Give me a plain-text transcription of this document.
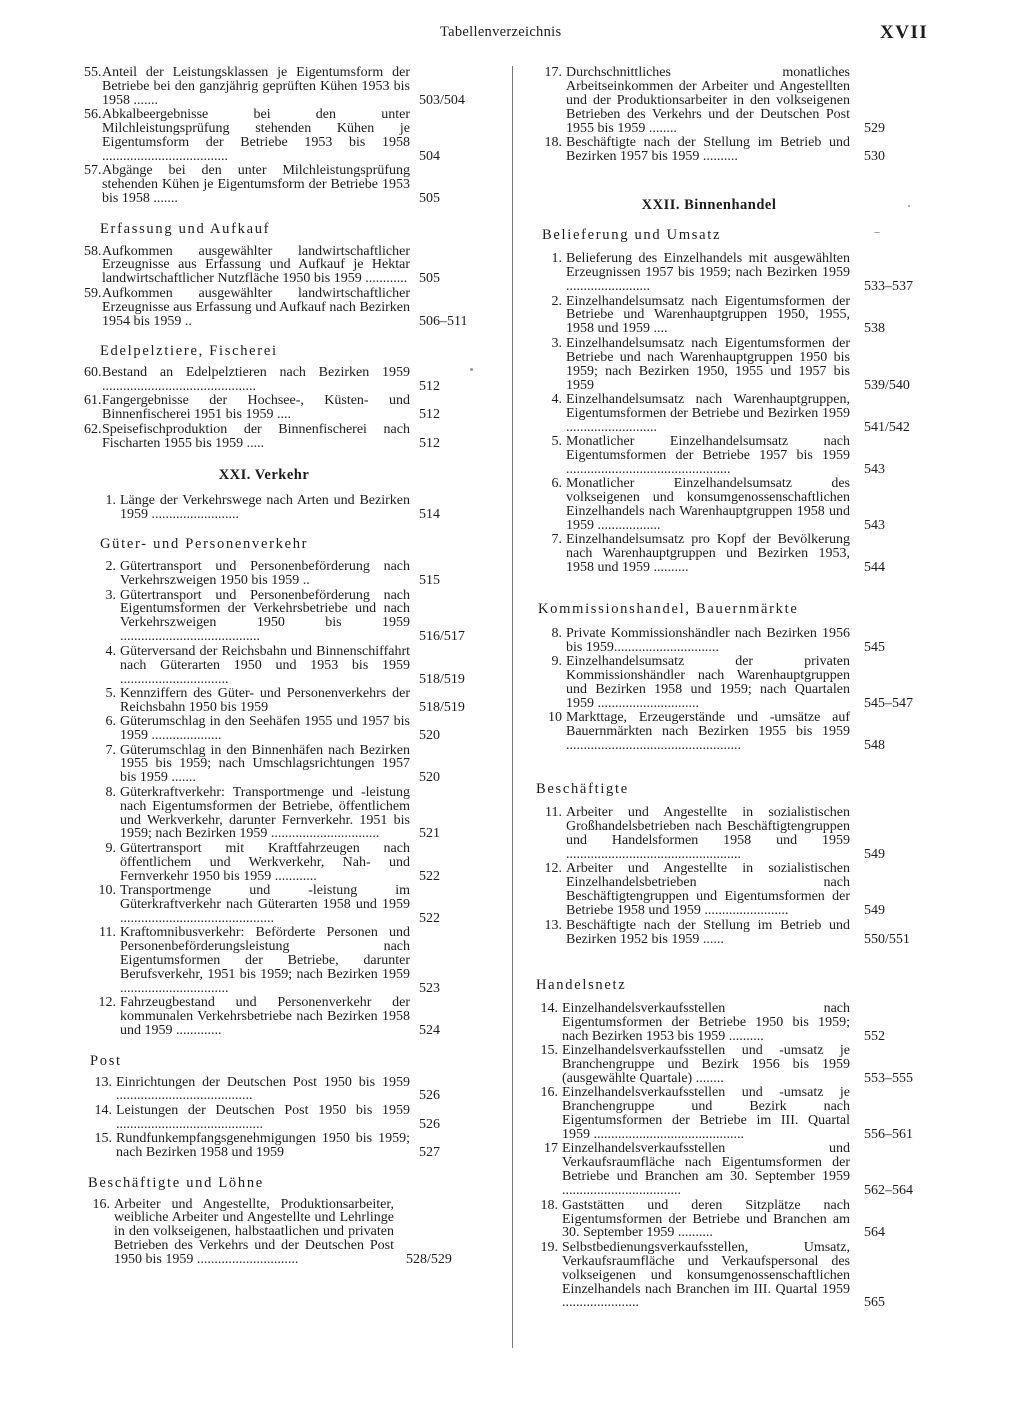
Tabellenverzeichnis	XVII
55. Anteil der Leistungsklassen je Eigentumsform der Betriebe bei den ganzjährig geprüften Kühen 1953 bis 1958 .......	503/504
56. Abkalbeergebnisse bei den unter Milchleistungsprüfung stehenden Kühen je Eigentumsform der Betriebe 1953 bis 1958 ....................................	504
57. Abgänge bei den unter Milchleistungsprüfung stehenden Kühen je Eigentumsform der Betriebe 1953 bis 1958 .......	505
Erfassung und Aufkauf
58. Aufkommen ausgewählter landwirtschaftlicher Erzeugnisse aus Erfassung und Aufkauf je Hektar landwirtschaftlicher Nutzfläche 1950 bis 1959 ............ 505
59. Aufkommen ausgewählter landwirtschaftlicher Erzeugnisse aus Erfassung und Aufkauf nach Bezirken 1954 bis 1959 ..	506–511
Edelpelztiere, Fischerei
60. Bestand an Edelpelztieren nach Bezirken 1959 ............................................	512
61. Fangergebnisse der Hochsee-, Küsten- und Binnenfischerei 1951 bis 1959 ....	512
62. Speisefischproduktion der Binnenfischerei nach Fischarten 1955 bis 1959 .....	512
XXI. Verkehr
1. Länge der Verkehrswege nach Arten und Bezirken 1959 .........................	514
Güter- und Personenverkehr
2. Gütertransport und Personenbeförderung nach Verkehrszweigen 1950 bis 1959 ..	515
3. Gütertransport und Personenbeförderung nach Eigentumsformen der Verkehrsbetriebe und nach Verkehrszweigen 1950 bis 1959 ........................................	516/517
4. Güterversand der Reichsbahn und Binnenschiffahrt nach Güterarten 1950 und 1953 bis 1959 ...............................	518/519
5. Kennziffern des Güter- und Personenverkehrs der Reichsbahn 1950 bis 1959	518/519
6. Güterumschlag in den Seehäfen 1955 und 1957 bis 1959 ....................	520
7. Güterumschlag in den Binnenhäfen nach Bezirken 1955 bis 1959; nach Umschlagsrichtungen 1957 bis 1959 .......	520
8. Güterkraftverkehr: Transportmenge und -leistung nach Eigentumsformen der Betriebe, öffentlichem und Werkverkehr, darunter Fernverkehr. 1951 bis 1959; nach Bezirken 1959 ...............................	521
9. Gütertransport mit Kraftfahrzeugen nach öffentlichem und Werkverkehr, Nah- und Fernverkehr 1950 bis 1959 ............	522
10. Transportmenge und -leistung im Güterkraftverkehr nach Güterarten 1958 und 1959 ............................................	522
11. Kraftomnibusverkehr: Beförderte Personen und Personenbeförderungsleistung nach Eigentumsformen der Betriebe, darunter Berufsverkehr, 1951 bis 1959; nach Bezirken 1959 ...............................	523
12. Fahrzeugbestand und Personenverkehr der kommunalen Verkehrsbetriebe nach Bezirken 1958 und 1959 .............	524
Post
13. Einrichtungen der Deutschen Post 1950 bis 1959 .......................................	526
14. Leistungen der Deutschen Post 1950 bis 1959 ..........................................	526
15. Rundfunkempfangsgenehmigungen 1950 bis 1959; nach Bezirken 1958 und 1959	527
Beschäftigte und Löhne
16. Arbeiter und Angestellte, Produktionsarbeiter, weibliche Arbeiter und Angestellte und Lehrlinge in den volkseigenen, halbstaatlichen und privaten Betrieben des Verkehrs und der Deutschen Post 1950 bis 1959 .............................	528/529
17. Durchschnittliches monatliches Arbeitseinkommen der Arbeiter und Angestellten und der Produktionsarbeiter in den volkseigenen Betrieben des Verkehrs und der Deutschen Post 1955 bis 1959 ........	529
18. Beschäftigte nach der Stellung im Betrieb und Bezirken 1957 bis 1959 ..........	530
XXII. Binnenhandel
Belieferung und Umsatz
1. Belieferung des Einzelhandels mit ausgewählten Erzeugnissen 1957 bis 1959; nach Bezirken 1959 ........................	533–537
2. Einzelhandelsumsatz nach Eigentumsformen der Betriebe und Warenhauptgruppen 1950, 1955, 1958 und 1959 ....	538
3. Einzelhandelsumsatz nach Eigentumsformen der Betriebe und nach Warenhauptgruppen 1950 bis 1959; nach Bezirken 1950, 1955 und 1957 bis 1959	539/540
4. Einzelhandelsumsatz nach Warenhauptgruppen, Eigentumsformen der Betriebe und Bezirken 1959 ..........................	541/542
5. Monatlicher Einzelhandelsumsatz nach Eigentumsformen der Betriebe 1957 bis 1959 ...............................................	543
6. Monatlicher Einzelhandelsumsatz des volkseigenen und konsumgenossenschaftlichen Einzelhandels nach Warenhauptgruppen 1958 und 1959 ..................	543
7. Einzelhandelsumsatz pro Kopf der Bevölkerung nach Warenhauptgruppen und Bezirken 1953, 1958 und 1959 ..........	544
Kommissionshandel, Bauernmärkte
8. Private Kommissionshändler nach Bezirken 1956 bis 1959..............................	545
9. Einzelhandelsumsatz der privaten Kommissionshändler nach Warenhauptgruppen und Bezirken 1958 und 1959; nach Quartalen 1959 .............................	545–547
10 Markttage, Erzeugerstände und -umsätze auf Bauernmärkten nach Bezirken 1955 bis 1959 ..................................................	548
Beschäftigte
11. Arbeiter und Angestellte in sozialistischen Großhandelsbetrieben nach Beschäftigtengruppen und Handelsformen 1958 und 1959 ..................................................	549
12. Arbeiter und Angestellte in sozialistischen Einzelhandelsbetrieben nach Beschäftigtengruppen und Eigentumsformen der Betriebe 1958 und 1959 ........................	549
13. Beschäftigte nach der Stellung im Betrieb und Bezirken 1952 bis 1959 ......	550/551
Handelsnetz
14. Einzelhandelsverkaufsstellen nach Eigentumsformen der Betriebe 1950 bis 1959; nach Bezirken 1953 bis 1959 ..........	552
15. Einzelhandelsverkaufsstellen und -umsatz je Branchengruppe und Bezirk 1956 bis 1959 (ausgewählte Quartale) ........	553–555
16. Einzelhandelsverkaufsstellen und -umsatz je Branchengruppe und Bezirk nach Eigentumsformen der Betriebe im III. Quartal 1959 ...........................................	556–561
17 Einzelhandelsverkaufsstellen und Verkaufsraumfläche nach Eigentumsformen der Betriebe und Branchen am 30. September 1959 ..................................	562–564
18. Gaststätten und deren Sitzplätze nach Eigentumsformen der Betriebe und Branchen am 30. September 1959 ..........	564
19. Selbstbedienungsverkaufsstellen, Umsatz, Verkaufsraumfläche und Verkaufspersonal des volkseigenen und konsumgenossenschaftlichen Einzelhandels nach Branchen im III. Quartal 1959 ......................	565
